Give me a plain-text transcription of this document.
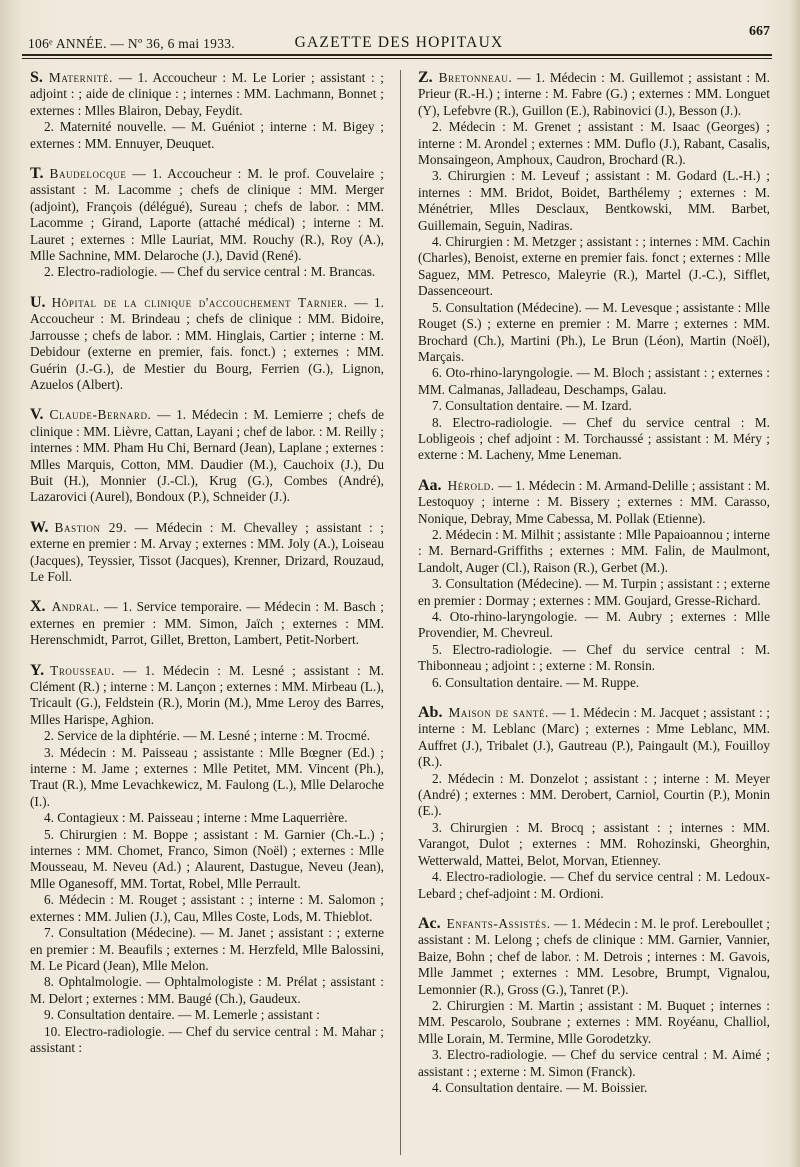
106ᵉ ANNÉE. — Nº 36, 6 mai 1933.	GAZETTE DES HOPITAUX
667

S. Maternité. — 1. Accoucheur : M. Le Lorier ; assistant : ; adjoint : ; aide de clinique : ; internes : MM. Lachmann, Bonnet ; externes : Mlles Blairon, Debay, Feydit.

2. Maternité nouvelle. — M. Guéniot ; interne : M. Bigey ; externes : MM. Ennuyer, Deuquet.

T. Baudelocque — 1. Accoucheur : M. le prof. Couvelaire ; assistant : M. Lacomme ; chefs de clinique : MM. Merger (adjoint), François (délégué), Sureau ; chefs de labor. : MM. Lacomme ; Girand, Laporte (attaché médical) ; interne : M. Lauret ; externes : Mlle Lauriat, MM. Rouchy (R.), Roy (A.), Mlle Sachnine, MM. Delaroche (J.), David (René).

2. Electro-radiologie. — Chef du service central : M. Brancas.

U. Hôpital de la clinique d'accouchement Tarnier. — 1. Accoucheur : M. Brindeau ; chefs de clinique : MM. Bidoire, Jarrousse ; chefs de labor. : MM. Hinglais, Cartier ; interne : M. Debidour (externe en premier, fais. fonct.) ; externes : MM. Guérin (J.-G.), de Mestier du Bourg, Ferrien (G.), Lignon, Azuelos (Albert).

V. Claude-Bernard. — 1. Médecin : M. Lemierre ; chefs de clinique : MM. Lièvre, Cattan, Layani ; chef de labor. : M. Reilly ; internes : MM. Pham Hu Chi, Bernard (Jean), Laplane ; externes : Mlles Marquis, Cotton, MM. Daudier (M.), Cauchoix (J.), Du Buit (H.), Monnier (J.-Cl.), Krug (G.), Combes (André), Lazarovici (Aurel), Bondoux (P.), Schneider (J.).

W. Bastion 29. — Médecin : M. Chevalley ; assistant : ; externe en premier : M. Arvay ; externes : MM. Joly (A.), Loiseau (Jacques), Teyssier, Tissot (Jacques), Krenner, Drizard, Rouzaud, Le Foll.

X. Andral. — 1. Service temporaire. — Médecin : M. Basch ; externes en premier : MM. Simon, Jaïch ; externes : MM. Herenschmidt, Parrot, Gillet, Bretton, Lambert, Petit-Norbert.

Y. Trousseau. — 1. Médecin : M. Lesné ; assistant : M. Clément (R.) ; interne : M. Lançon ; externes : MM. Mirbeau (L.), Tricault (G.), Feldstein (R.), Morin (M.), Mme Leroy des Barres, Mlles Harispe, Aghion.

2. Service de la diphtérie. — M. Lesné ; interne : M. Trocmé.

3. Médecin : M. Paisseau ; assistante : Mlle Bœgner (Ed.) ; interne : M. Jame ; externes : Mlle Petitet, MM. Vincent (Ph.), Traut (R.), Mme Levachkewicz, M. Faulong (L.), Mlle Delaroche (I.).

4. Contagieux : M. Paisseau ; interne : Mme Laquerrière.

5. Chirurgien : M. Boppe ; assistant : M. Garnier (Ch.-L.) ; internes : MM. Chomet, Franco, Simon (Noël) ; externes : Mlle Mousseau, M. Neveu (Ad.) ; Alaurent, Dastugue, Neveu (Jean), Mlle Oganesoff, MM. Tortat, Robel, Mlle Perrault.

6. Médecin : M. Rouget ; assistant : ; interne : M. Salomon ; externes : MM. Julien (J.), Cau, Mlles Coste, Lods, M. Thieblot.

7. Consultation (Médecine). — M. Janet ; assistant : ; externe en premier : M. Beaufils ; externes : M. Herzfeld, Mlle Balossini, M. Le Picard (Jean), Mlle Melon.

8. Ophtalmologie. — Ophtalmologiste : M. Prélat ; assistant : M. Delort ; externes : MM. Baugé (Ch.), Gaudeux.

9. Consultation dentaire. — M. Lemerle ; assistant :

10. Electro-radiologie. — Chef du service central : M. Mahar ; assistant :

Z. Bretonneau. — 1. Médecin : M. Guillemot ; assistant : M. Prieur (R.-H.) ; interne : M. Fabre (G.) ; externes : MM. Longuet (Y), Lefebvre (R.), Guillon (E.), Rabinovici (J.), Besson (J.).

2. Médecin : M. Grenet ; assistant : M. Isaac (Georges) ; interne : M. Arondel ; externes : MM. Duflo (J.), Rabant, Casalis, Monsaingeon, Amphoux, Caudron, Brochard (R.).

3. Chirurgien : M. Leveuf ; assistant : M. Godard (L.-H.) ; internes : MM. Bridot, Boidet, Barthélemy ; externes : M. Ménétrier, Mlles Desclaux, Bentkowski, MM. Barbet, Guillemain, Seguin, Nadiras.

4. Chirurgien : M. Metzger ; assistant : ; internes : MM. Cachin (Charles), Benoist, externe en premier fais. fonct ; externes : Mlle Saguez, MM. Petresco, Maleyrie (R.), Martel (J.-C.), Sifflet, Dassenceourt.

5. Consultation (Médecine). — M. Levesque ; assistante : Mlle Rouget (S.) ; externe en premier : M. Marre ; externes : MM. Brochard (Ch.), Martini (Ph.), Le Brun (Léon), Martin (Noël), Marçais.

6. Oto-rhino-laryngologie. — M. Bloch ; assistant : ; externes : MM. Calmanas, Jalladeau, Deschamps, Galau.

7. Consultation dentaire. — M. Izard.

8. Electro-radiologie. — Chef du service central : M. Lobligeois ; chef adjoint : M. Torchaussé ; assistant : M. Méry ; externe : M. Lacheny, Mme Leneman.

Aa. Hérold. — 1. Médecin : M. Armand-Delille ; assistant : M. Lestoquoy ; interne : M. Bissery ; externes : MM. Carasso, Nonique, Debray, Mme Cabessa, M. Pollak (Etienne).

2. Médecin : M. Milhit ; assistante : Mlle Papaioannou ; interne : M. Bernard-Griffiths ; externes : MM. Falin, de Maulmont, Landolt, Auger (Cl.), Raison (R.), Gerbet (M.).

3. Consultation (Médecine). — M. Turpin ; assistant : ; externe en premier : Dormay ; externes : MM. Goujard, Gresse-Richard.

4. Oto-rhino-laryngologie. — M. Aubry ; externes : Mlle Provendier, M. Chevreul.

5. Electro-radiologie. — Chef du service central : M. Thibonneau ; adjoint : ; externe : M. Ronsin.

6. Consultation dentaire. — M. Ruppe.

Ab. Maison de santé. — 1. Médecin : M. Jacquet ; assistant : ; interne : M. Leblanc (Marc) ; externes : Mme Leblanc, MM. Auffret (J.), Tribalet (J.), Gautreau (P.), Paingault (M.), Fouilloy (R.).

2. Médecin : M. Donzelot ; assistant : ; interne : M. Meyer (André) ; externes : MM. Derobert, Carniol, Courtin (P.), Monin (E.).

3. Chirurgien : M. Brocq ; assistant : ; internes : MM. Varangot, Dulot ; externes : MM. Rohozinski, Gheorghin, Wetterwald, Mattei, Belot, Morvan, Etienney.

4. Electro-radiologie. — Chef du service central : M. Ledoux-Lebard ; chef-adjoint : M. Ordioni.

Ac. Enfants-Assistés. — 1. Médecin : M. le prof. Lereboullet ; assistant : M. Lelong ; chefs de clinique : MM. Garnier, Vannier, Baize, Bohn ; chef de labor. : M. Detrois ; internes : M. Gavois, Mlle Jammet ; externes : MM. Lesobre, Brumpt, Vignalou, Lemonnier (R.), Gross (G.), Tanret (P.).

2. Chirurgien : M. Martin ; assistant : M. Buquet ; internes : MM. Pescarolo, Soubrane ; externes : MM. Royéanu, Challiol, Mlle Lorain, M. Termine, Mlle Gorodetzky.

3. Electro-radiologie. — Chef du service central : M. Aimé ; assistant : ; externe : M. Simon (Franck).

4. Consultation dentaire. — M. Boissier.
